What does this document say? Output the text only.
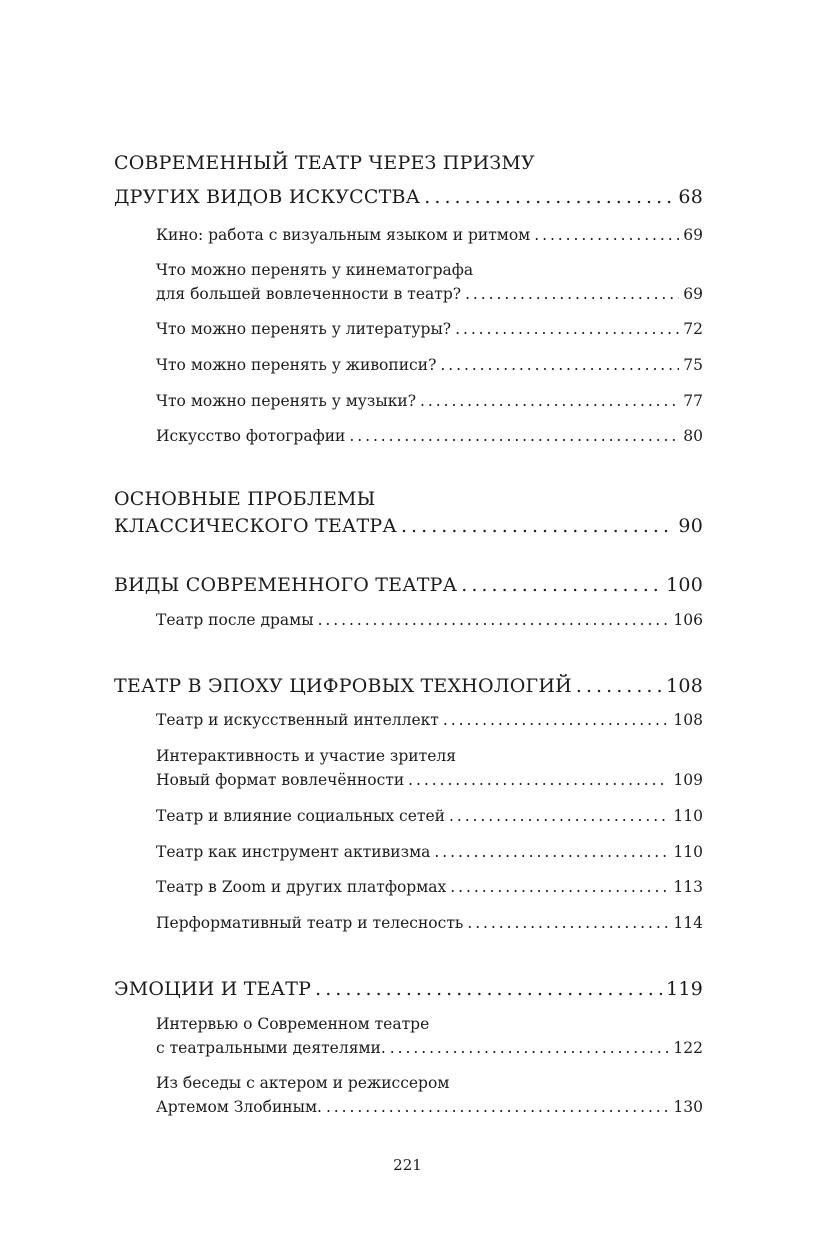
СОВРЕМЕННЫЙ ТЕАТР ЧЕРЕЗ ПРИЗМУ
ДРУГИХ ВИДОВ ИСКУССТВА . . .	68
Кино: работа с визуальным языком и ритмом . . .	69
Что можно перенять у кинематографа
для большей вовлеченности в театр? . . .	69
Что можно перенять у литературы? . . .	72
Что можно перенять у живописи? . . .	75
Что можно перенять у музыки? . . .	77
Искусство фотографии . . .	80
ОСНОВНЫЕ ПРОБЛЕМЫ
КЛАССИЧЕСКОГО ТЕАТРА . . .	90
ВИДЫ СОВРЕМЕННОГО ТЕАТРА . . .	100
Театр после драмы . . .	106
ТЕАТР В ЭПОХУ ЦИФРОВЫХ ТЕХНОЛОГИЙ . . .	108
Театр и искусственный интеллект . . .	108
Интерактивность и участие зрителя
Новый формат вовлечённости . . .	109
Театр и влияние социальных сетей . . .	110
Театр как инструмент активизма . . .	110
Театр в Zoom и других платформах . . .	113
Перформативный театр и телесность . . .	114
ЭМОЦИИ И ТЕАТР . . .	119
Интервью о Современном театре
с театральными деятелями. . . .	122
Из беседы с актером и режиссером
Артемом Злобиным. . . .	130
221
